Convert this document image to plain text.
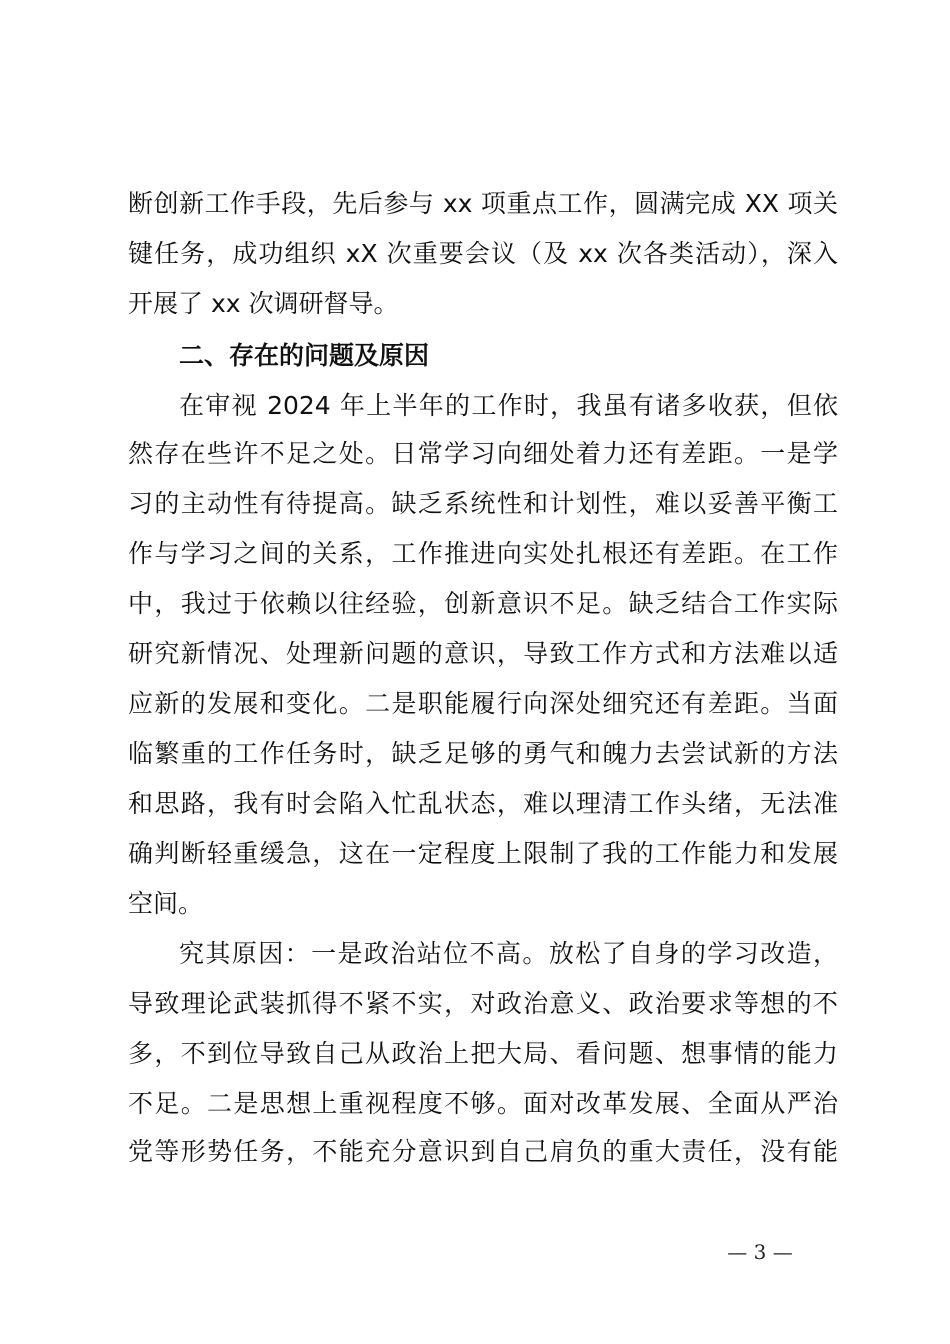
断创新工作手段，先后参与 xx 项重点工作，圆满完成 XX 项关
键任务，成功组织 xX 次重要会议（及 xx 次各类活动），深入
开展了 xx 次调研督导。
二、存在的问题及原因
在审视 2024 年上半年的工作时，我虽有诸多收获，但依
然存在些许不足之处。日常学习向细处着力还有差距。一是学
习的主动性有待提高。缺乏系统性和计划性，难以妥善平衡工
作与学习之间的关系，工作推进向实处扎根还有差距。在工作
中，我过于依赖以往经验，创新意识不足。缺乏结合工作实际
研究新情况、处理新问题的意识，导致工作方式和方法难以适
应新的发展和变化。二是职能履行向深处细究还有差距。当面
临繁重的工作任务时，缺乏足够的勇气和魄力去尝试新的方法
和思路，我有时会陷入忙乱状态，难以理清工作头绪，无法准
确判断轻重缓急，这在一定程度上限制了我的工作能力和发展
空间。
究其原因：一是政治站位不高。放松了自身的学习改造，
导致理论武装抓得不紧不实，对政治意义、政治要求等想的不
多，不到位导致自己从政治上把大局、看问题、想事情的能力
不足。二是思想上重视程度不够。面对改革发展、全面从严治
党等形势任务，不能充分意识到自己肩负的重大责任，没有能
— 3 —
